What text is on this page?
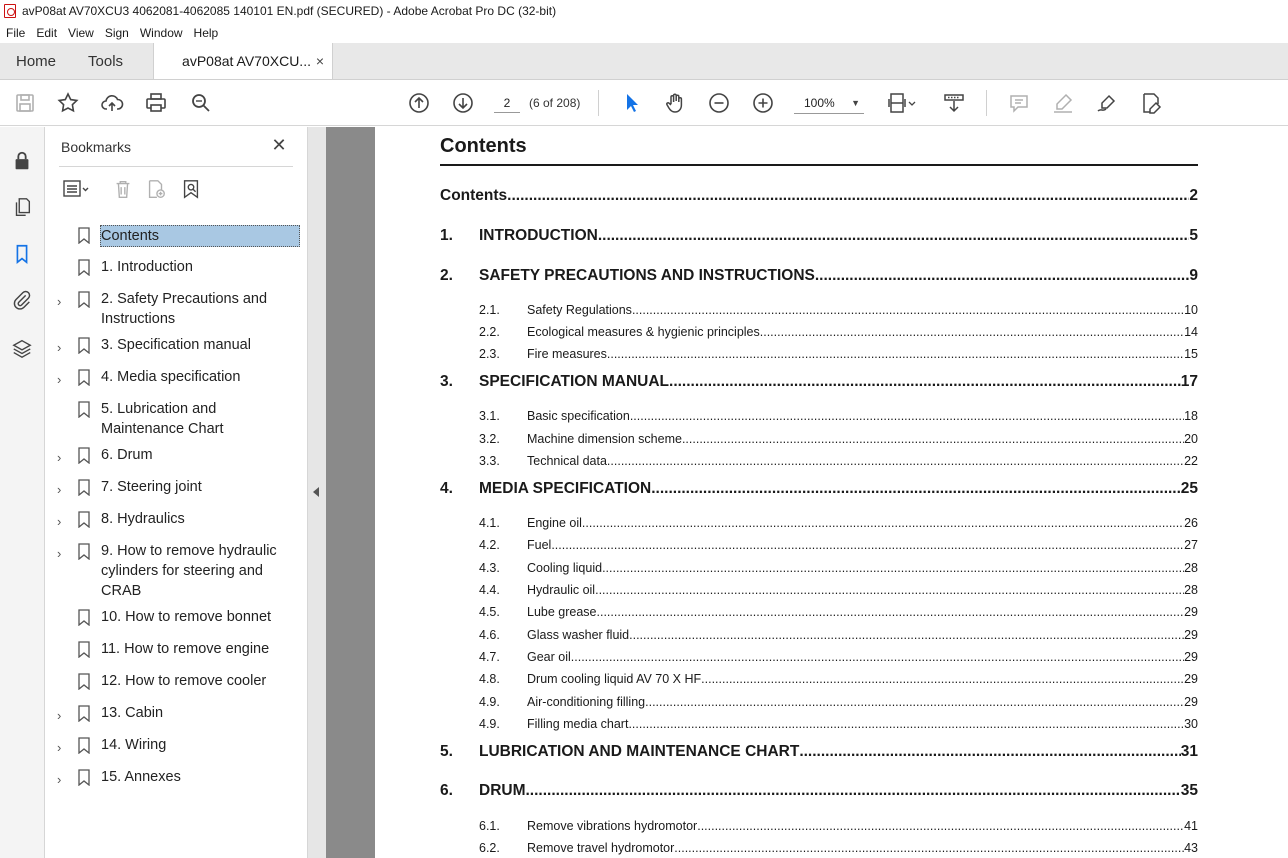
avP08at AV70XCU3 4062081-4062085 140101 EN.pdf (SECURED) - Adobe Acrobat Pro DC (32-bit)
File Edit View Sign Window Help
Home	Tools	avP08at AV70XCU... ×
2
(6 of 208)	100% ▼
Bookmarks	✕
Contents
1. Introduction
›	2. Safety Precautions and Instructions
›	3. Specification manual
›	4. Media specification
5. Lubrication and Maintenance Chart
›	6. Drum
›	7. Steering joint
›	8. Hydraulics
›	9. How to remove hydraulic cylinders for steering and CRAB
10. How to remove bonnet
11. How to remove engine
12. How to remove cooler
›	13. Cabin
›	14. Wiring
›	15. Annexes
Contents
Contents .....	2
1.	INTRODUCTION .....	5
2.	SAFETY PRECAUTIONS AND INSTRUCTIONS .....	9
2.1.	Safety Regulations .....	10
2.2.	Ecological measures & hygienic principles .....	14
2.3.	Fire measures .....	15
3.	SPECIFICATION MANUAL .....	17
3.1.	Basic specification .....	18
3.2.	Machine dimension scheme .....	20
3.3.	Technical data .....	22
4.	MEDIA SPECIFICATION .....	25
4.1.	Engine oil .....	26
4.2.	Fuel .....	27
4.3.	Cooling liquid .....	28
4.4.	Hydraulic oil .....	28
4.5.	Lube grease .....	29
4.6.	Glass washer fluid .....	29
4.7.	Gear oil .....	29
4.8.	Drum cooling liquid AV 70 X HF .....	29
4.9.	Air-conditioning filling .....	29
4.9.	Filling media chart .....	30
5.	LUBRICATION AND MAINTENANCE CHART .....	31
6.	DRUM .....	35
6.1.	Remove vibrations hydromotor .....	41
6.2.	Remove travel hydromotor .....	43
